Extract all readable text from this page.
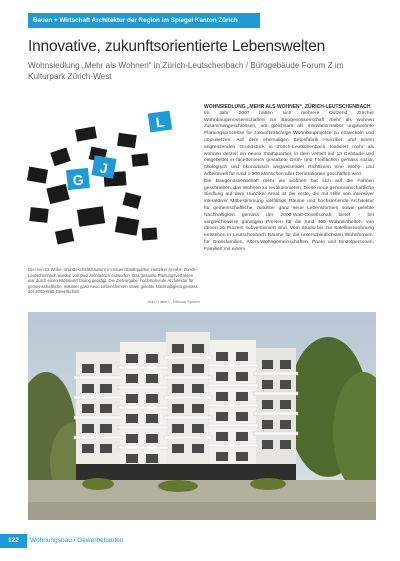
Bauen + Wirtschaft Architektur der Region im Spiegel Kanton Zürich
Innovative, zukunftsorientierte Lebenswelten
Wohnsiedlung „Mehr als Wohnen“ in Zürich-Leutschenbach / Bürogebäude Forum Z im Kulturpark Zürich-West
L
G
J
Drei von 13 Wohn- und Geschäftshäusern im neuen Stadtquartier Hunziker Areal in Zürich-Leutschenbach wurden von pool Architekten entworfen. Das gesamte Planungsverfahren war durch einen intensiven Dialog geprägt. Die Zielvorgabe: hochstehende Architektur für gemeinschaftliche, mitunter ganz neue Lebensformen sowie gelebte Nachhaltigkeit gemäss der 2000-Watt-Gesellschaft
Abb.: Hase L, Niklaus Spoerri
WOHNSIEDLUNG „MEHR ALS WOHNEN“, ZÜRICH-LEUTSCHENBACH

Im Jahr 2007 hatten sich mehrere Dutzend Zürcher Wohnbaugenossenschaften zur Baugenossenschaft mehr als wohnen zusammengeschlossen, um gleichsam als Innovationslabor ungewohnte Planungsprozesse für zukunftsträchtige Wohnbauprojekte zu entwickeln und umzusetzen. Auf dem ehemaligen Betonfabrik Hunziker und einem angrenzenden Grundstück in Zürich-Leutschenbach realisiert mehr als wohnen derzeit ein neues Stadtquartier, in dem verteilt auf 13 Gebäude und eingebettet in facettenreich gestaltete Grün- und Freiflächen gemäss sozial, ökologisch und ökonomisch wegweisender Richtlinien eine Wohn- und Arbeitswelt für rund 1.300 Menschen aller Generationen geschaffen wird.

Die Baugenossenschaft mehr als wohnen hat sich auf die Fahnen geschrieben, das Wohnen zu revolutionieren. Diese neue genossenschaftliche Siedlung auf dem Hunziker-Areal ist die erste, die mit Hilfe von intensiver interaktiver Mitbestimmung vielfältige Räume und hochstehende Architektur für gemeinschaftliche, mitunter ganz neue Lebensformen sowie gelebte Nachhaltigkeit gemäss der 2000-Watt-Gesellschaft bietet – bei vergleichsweise günstigen Preisen für die rund 400 Wohneinheiten, von denen 20 Prozent subventioniert sind. Vom Studio bis zur Satellitenwohnung entstehen in Leutschenbach Räume für die unterschiedlichsten Wohnformen: für Grossfamilien, Alters-Wohngemeinschaften, Paare und Einzelpersonen, Familien mit einem

122	Wohnungsbau / Gewerbebauten
